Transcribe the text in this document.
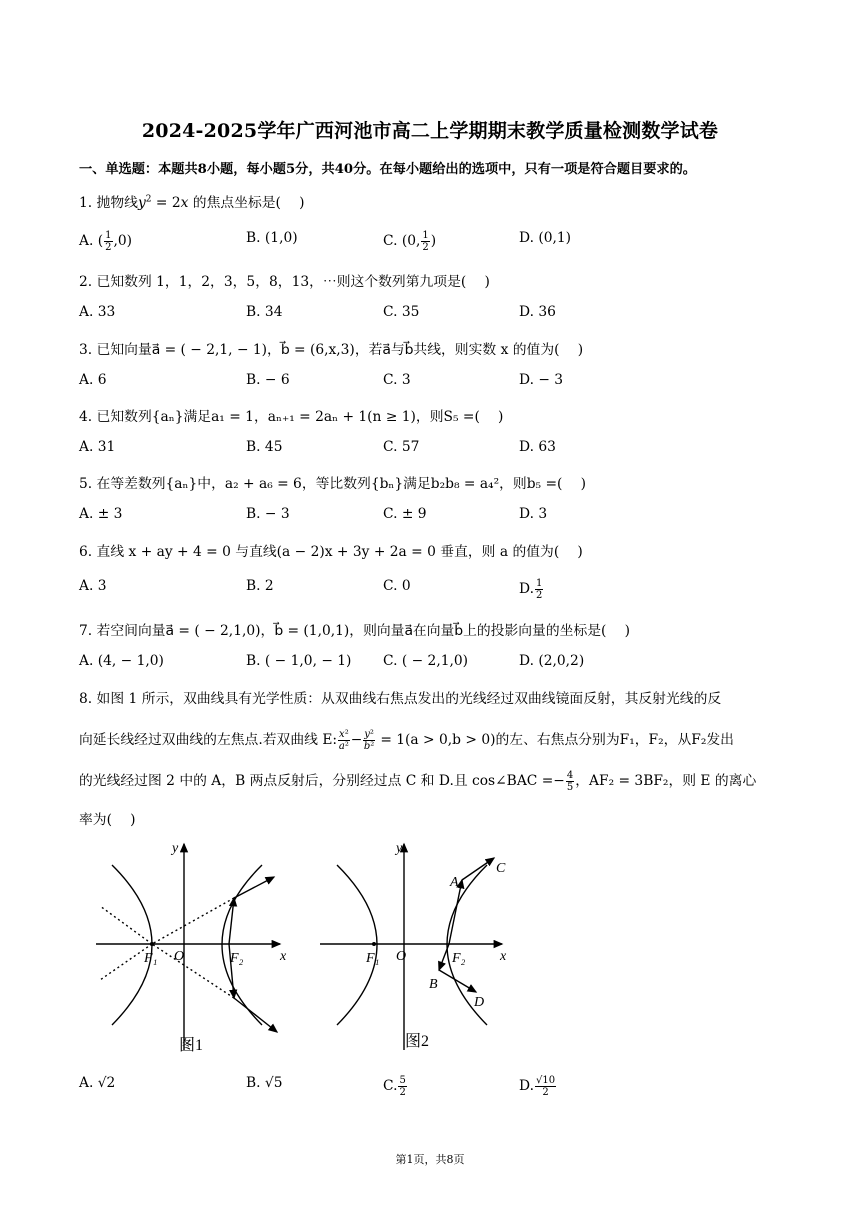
2024-2025学年广西河池市高二上学期期末教学质量检测数学试卷
一、单选题：本题共8小题，每小题5分，共40分。在每小题给出的选项中，只有一项是符合题目要求的。
1. 抛物线$y^2 = 2x$ 的焦点坐标是(　 )
A. ( $\frac{1}{2} ,0$)	B. (1,0)	C. (0, $\frac{1}{2}$ )	D. (0,1)
2. 已知数列 1，1，2，3，5，8，13，⋯则这个数列第九项是(　 )
A. 33	B. 34	C. 35	D. 36
3. 已知向量a⃗ = ( − 2,1, − 1)，b⃗ = (6,x,3)，若a⃗与b⃗共线，则实数 x 的值为(　 )
A. 6	B. − 6	C. 3	D. − 3
4. 已知数列{aₙ}满足a₁ = 1，aₙ₊₁ = 2aₙ + 1(n ≥ 1)，则S₅ =(　 )
A. 31	B. 45	C. 57	D. 63
5. 在等差数列{aₙ}中，a₂ + a₆ = 6，等比数列{bₙ}满足b₂b₈ = a₄²，则b₅ =(　 )
A. ± 3	B. − 3	C. ± 9	D. 3
6. 直线 x + ay + 4 = 0 与直线(a − 2)x + 3y + 2a = 0 垂直，则 a 的值为(　 )
A. 3	B. 2	C. 0	D. $\frac{1}{2}$
7. 若空间向量a⃗ = ( − 2,1,0)，b⃗ = (1,0,1)，则向量a⃗在向量b⃗上的投影向量的坐标是(　 )
A. (4, − 1,0)	B. ( − 1,0, − 1) C. ( − 2,1,0)	D. (2,0,2)
8. 如图 1 所示，双曲线具有光学性质：从双曲线右焦点发出的光线经过双曲线镜面反射，其反射光线的反
向延长线经过双曲线的左焦点.若双曲线 E: $\frac{\text{x²}}{\text{a²}} - \frac{\text{y²}}{\text{b²}} = 1(a > 0,b > 0)$的左、右焦点分别为F₁，F₂，从F₂发出
的光线经过图 2 中的 A，B 两点反射后，分别经过点 C 和 D.且 cos∠BAC =− $\frac{4}{5}$ ，AF₂ = 3BF₂，则 E 的离心
率为(　 )
y
x
F₁ O	F₂
y
x
F₁ O	F₂
A
C
B
D
图1	图2
A. √2	B. √5	C. $\frac{5}{2}$	D. $\frac{√10}{2}$
第1页，共8页
